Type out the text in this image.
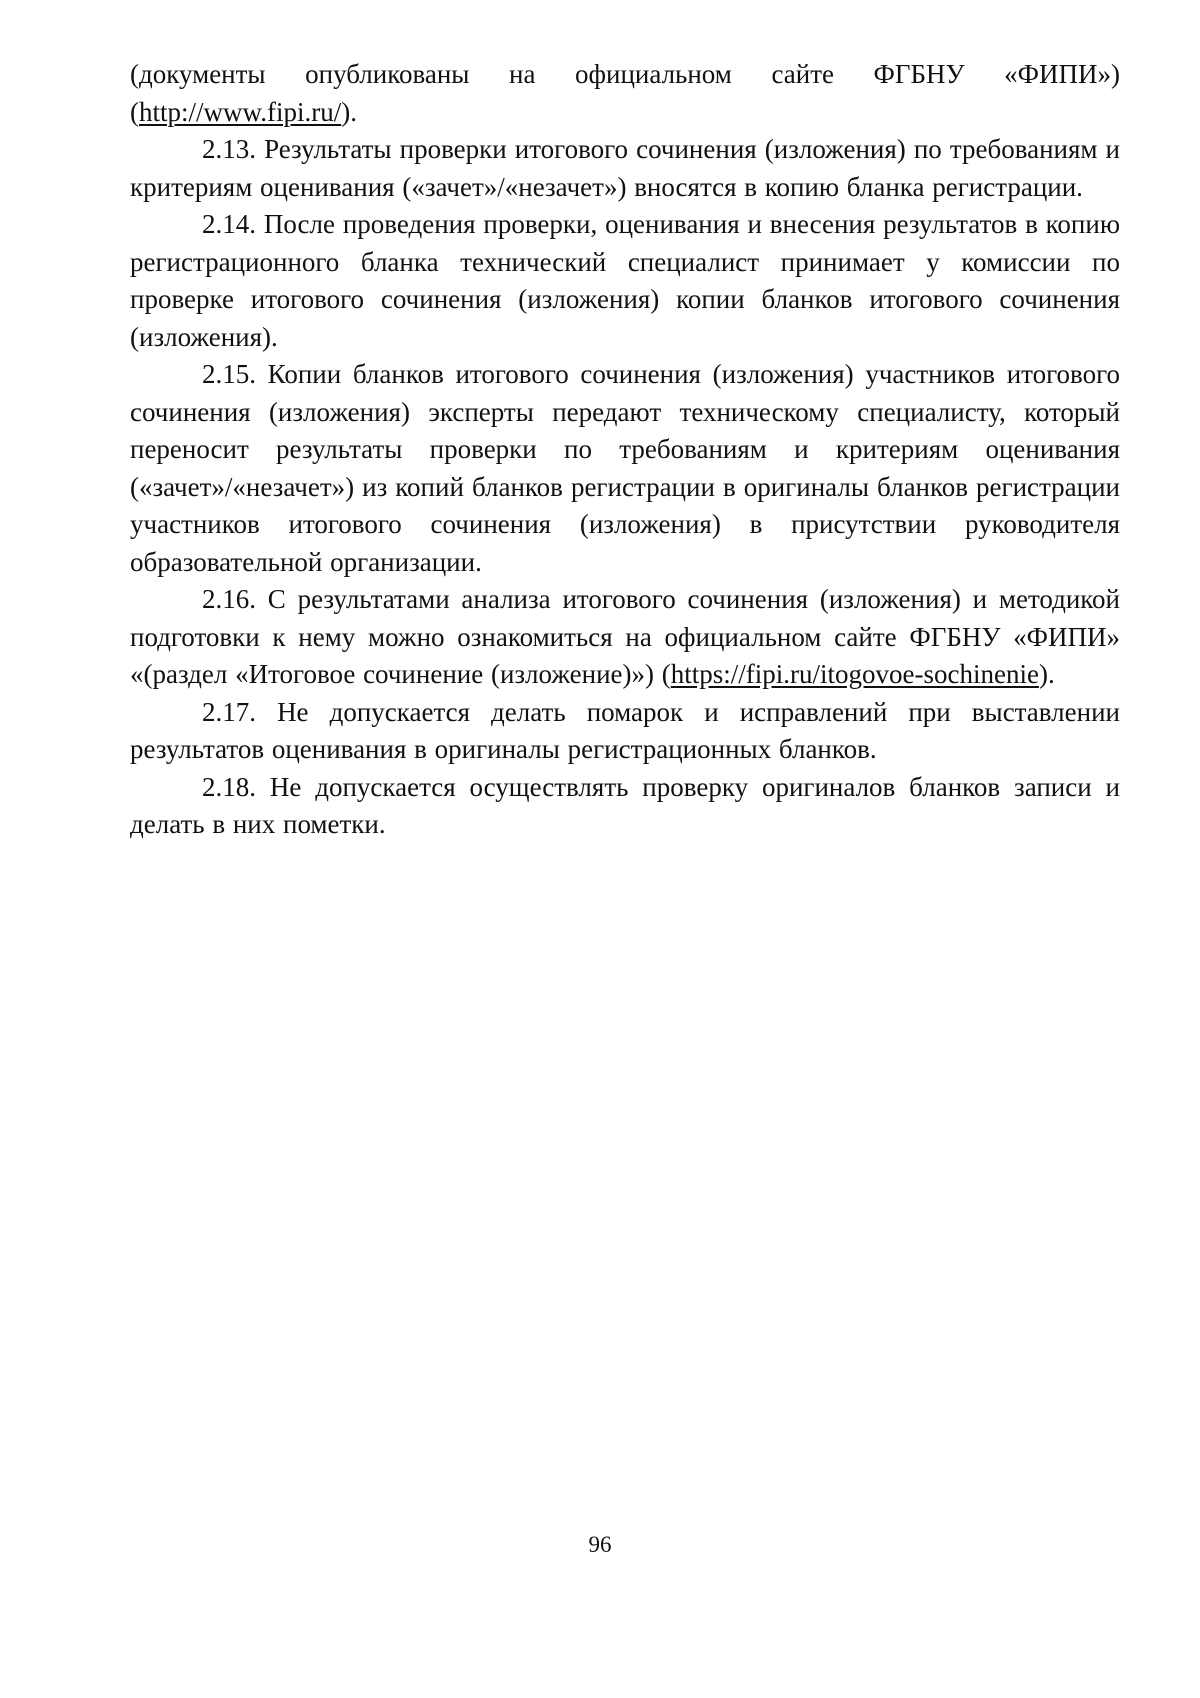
(документы опубликованы на официальном сайте ФГБНУ «ФИПИ») (http://www.fipi.ru/).

2.13. Результаты проверки итогового сочинения (изложения) по требованиям и критериям оценивания («зачет»/«незачет») вносятся в копию бланка регистрации.

2.14. После проведения проверки, оценивания и внесения результатов в копию регистрационного бланка технический специалист принимает у комиссии по проверке итогового сочинения (изложения) копии бланков итогового сочинения (изложения).

2.15. Копии бланков итогового сочинения (изложения) участников итогового сочинения (изложения) эксперты передают техническому специалисту, который переносит результаты проверки по требованиям и критериям оценивания («зачет»/«незачет») из копий бланков регистрации в оригиналы бланков регистрации участников итогового сочинения (изложения) в присутствии руководителя образовательной организации.

2.16. С результатами анализа итогового сочинения (изложения) и методикой подготовки к нему можно ознакомиться на официальном сайте ФГБНУ «ФИПИ» «(раздел «Итоговое сочинение (изложение)») (https://fipi.ru/itogovoe-sochinenie).

2.17. Не допускается делать помарок и исправлений при выставлении результатов оценивания в оригиналы регистрационных бланков.

2.18. Не допускается осуществлять проверку оригиналов бланков записи и делать в них пометки.

96
